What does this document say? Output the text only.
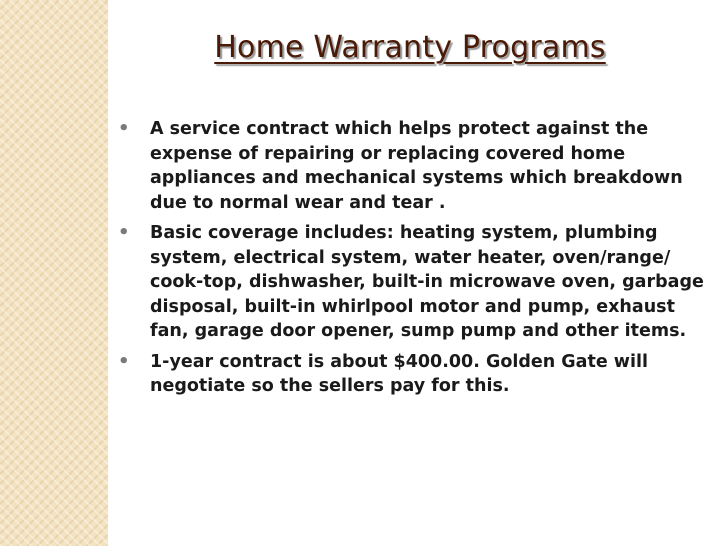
Home Warranty Programs
• A service contract which helps protect against the expense of repairing or replacing covered home appliances and mechanical systems which breakdown due to normal wear and tear .
• Basic coverage includes: heating system, plumbing system, electrical system, water heater, oven/range/ cook-top, dishwasher, built-in microwave oven, garbage disposal, built-in whirlpool motor and pump, exhaust fan, garage door opener, sump pump and other items.
• 1-year contract is about $400.00. Golden Gate will negotiate so the sellers pay for this.
